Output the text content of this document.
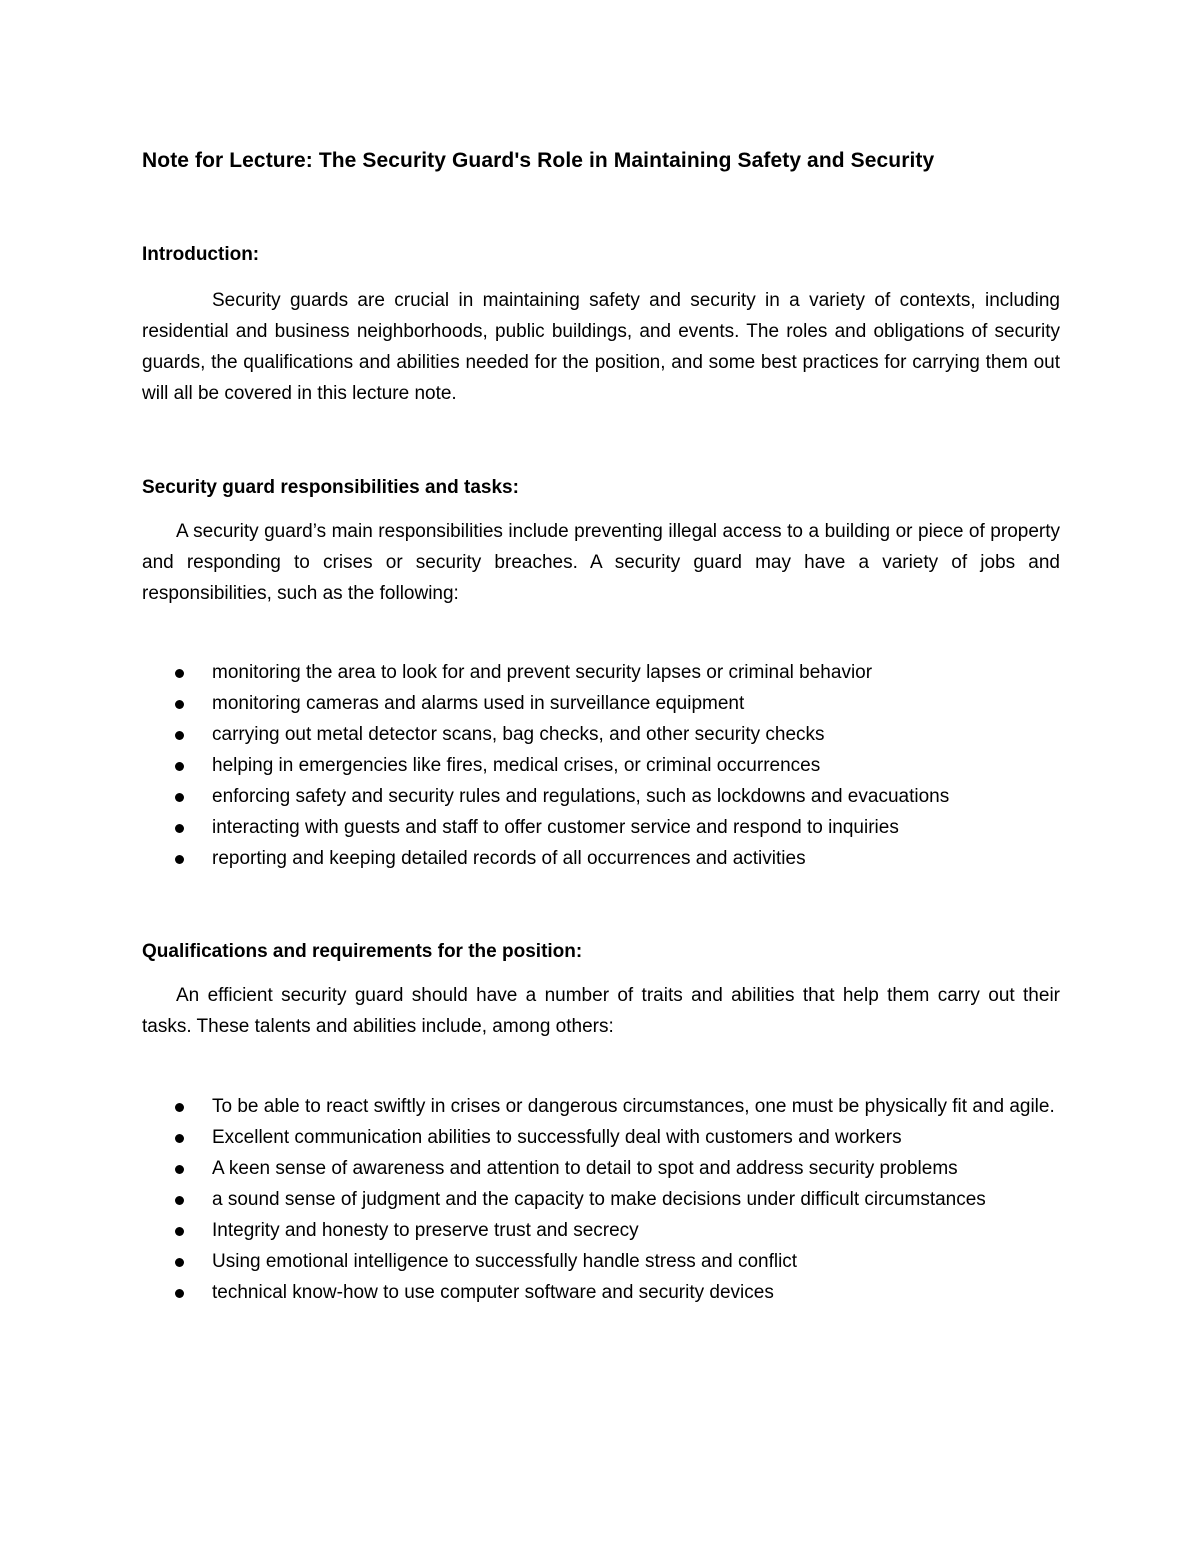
Note for Lecture: The Security Guard's Role in Maintaining Safety and Security
Introduction:

Security guards are crucial in maintaining safety and security in a variety of contexts, including residential and business neighborhoods, public buildings, and events. The roles and obligations of security guards, the qualifications and abilities needed for the position, and some best practices for carrying them out will all be covered in this lecture note.

Security guard responsibilities and tasks:

A security guard’s main responsibilities include preventing illegal access to a building or piece of property and responding to crises or security breaches. A security guard may have a variety of jobs and responsibilities, such as the following:

monitoring the area to look for and prevent security lapses or criminal behavior
monitoring cameras and alarms used in surveillance equipment
carrying out metal detector scans, bag checks, and other security checks
helping in emergencies like fires, medical crises, or criminal occurrences
enforcing safety and security rules and regulations, such as lockdowns and evacuations
interacting with guests and staff to offer customer service and respond to inquiries
reporting and keeping detailed records of all occurrences and activities
Qualifications and requirements for the position:

An efficient security guard should have a number of traits and abilities that help them carry out their tasks. These talents and abilities include, among others:

To be able to react swiftly in crises or dangerous circumstances, one must be physically fit and agile.
Excellent communication abilities to successfully deal with customers and workers
A keen sense of awareness and attention to detail to spot and address security problems
a sound sense of judgment and the capacity to make decisions under difficult circumstances
Integrity and honesty to preserve trust and secrecy
Using emotional intelligence to successfully handle stress and conflict
technical know-how to use computer software and security devices
